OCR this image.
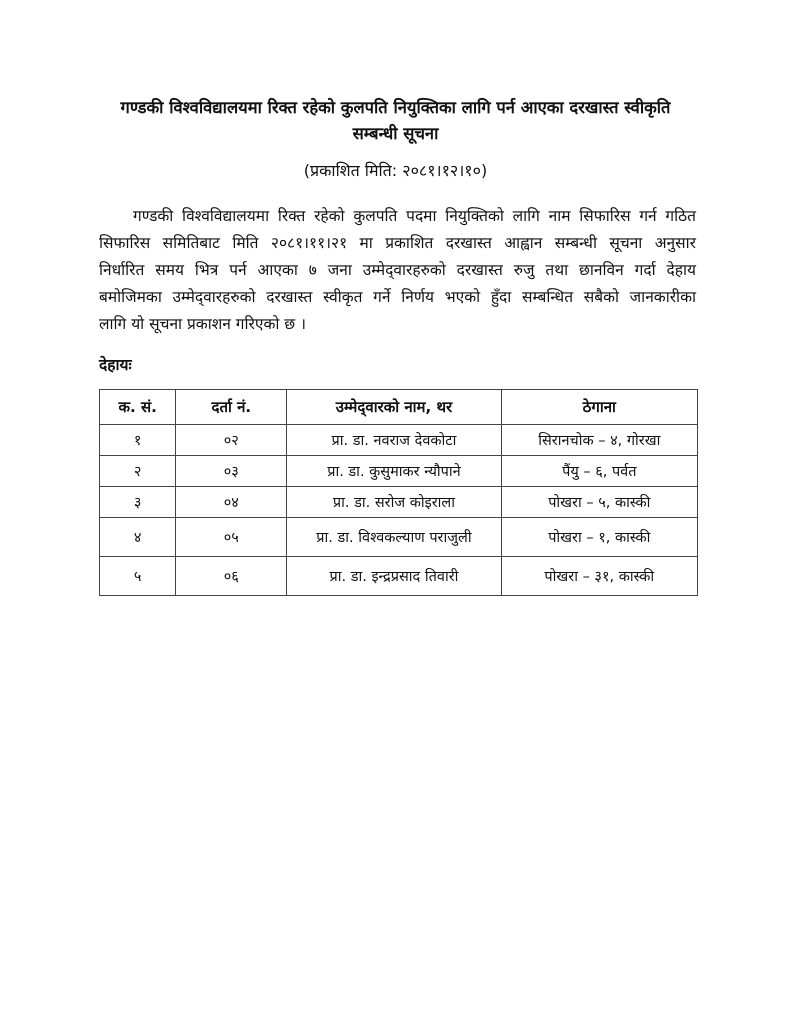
गण्डकी विश्वविद्यालयमा रिक्त रहेको कुलपति नियुक्तिका लागि पर्न आएका दरखास्त स्वीकृति
सम्बन्धी सूचना
(प्रकाशित मिति: २०८१।१२।१०)
गण्डकी विश्वविद्यालयमा रिक्त रहेको कुलपति पदमा नियुक्तिको लागि नाम सिफारिस गर्न गठित
सिफारिस समितिबाट मिति २०८१।११।२१ मा प्रकाशित दरखास्त आह्वान सम्बन्धी सूचना अनुसार
निर्धारित समय भित्र पर्न आएका ७ जना उम्मेद्‌वारहरुको दरखास्त रुजु तथा छानविन गर्दा देहाय
बमोजिमका उम्मेद्‌वारहरुको दरखास्त स्वीकृत गर्ने निर्णय भएको हुँदा सम्बन्धित सबैको जानकारीका
लागि यो सूचना प्रकाशन गरिएको छ ।
देहायः
क. सं.	दर्ता नं.	उम्मेद्‌वारको नाम, थर	ठेगाना
१	०२	प्रा. डा. नवराज देवकोटा	सिरानचोक – ४, गोरखा
२	०३	प्रा. डा. कुसुमाकर न्यौपाने	पैंयु – ६, पर्वत
३	०४	प्रा. डा. सरोज कोइराला	पोखरा – ५, कास्की
४	०५	प्रा. डा. विश्वकल्याण पराजुली	पोखरा – १, कास्की
५	०६	प्रा. डा. इन्द्रप्रसाद तिवारी	पोखरा – ३१, कास्की
